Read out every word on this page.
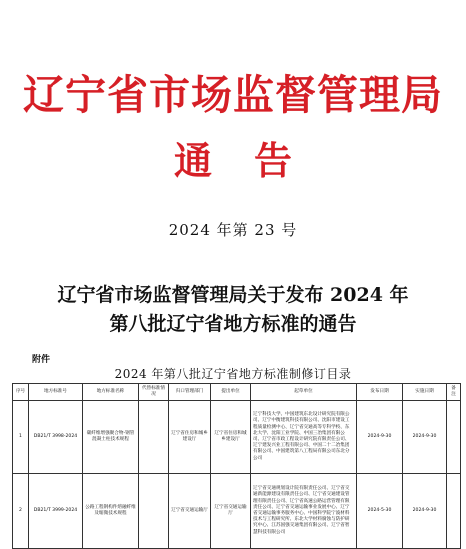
辽宁省市场监督管理局
通告
2024 年第 23 号
辽宁省市场监督管理局关于发布 2024 年
第八批辽宁省地方标准的通告
附件
2024 年第八批辽宁省地方标准制修订目录
序号	地方标准号	地方标准名称	代替标准情况	归口管理部门	提出单位	起草单位	发布日期	实施日期	备注
1	DB21/T 3998-2024	碳纤维增强聚合物-钢管混凝土柱技术规程		辽宁省住房和城乡建设厅	辽宁省住房和城乡建设厅	辽宁科技大学、中国建筑东北设计研究院有限公司、辽宁中衡建筑科技有限公司、沈阳市建设工程质量检测中心、辽宁省交通高等专科学校、东北大学、沈阳工业学院、中国三冶集团有限公司、辽宁省市政工程设计研究院有限责任公司、辽宁建发兴业工程有限公司、中国二十二冶集团有限公司、中国建筑第八工程局有限公司东北分公司	2024-9-30	2024-9-30	
2	DB21/T 3999-2024	公路工程钢构件熔融纤维及缩微技术规程		辽宁省交通运输厅	辽宁省交通运输厅	辽宁省交通规划设计院有限责任公司、辽宁省交通新能源建设有限责任公司、辽宁省交通建设管理有限责任公司、辽宁省高速公路运营管理有限责任公司、辽宁省交通运输事业发展中心、辽宁省交通运输事务服务中心、中国科学院宁波材料技术与工程研究所、东北大学材料腐蚀与防护研究中心、江苏国强交通集团有限公司、辽宁省智慧科技有限公司	2024-5-30	2024-9-30	
